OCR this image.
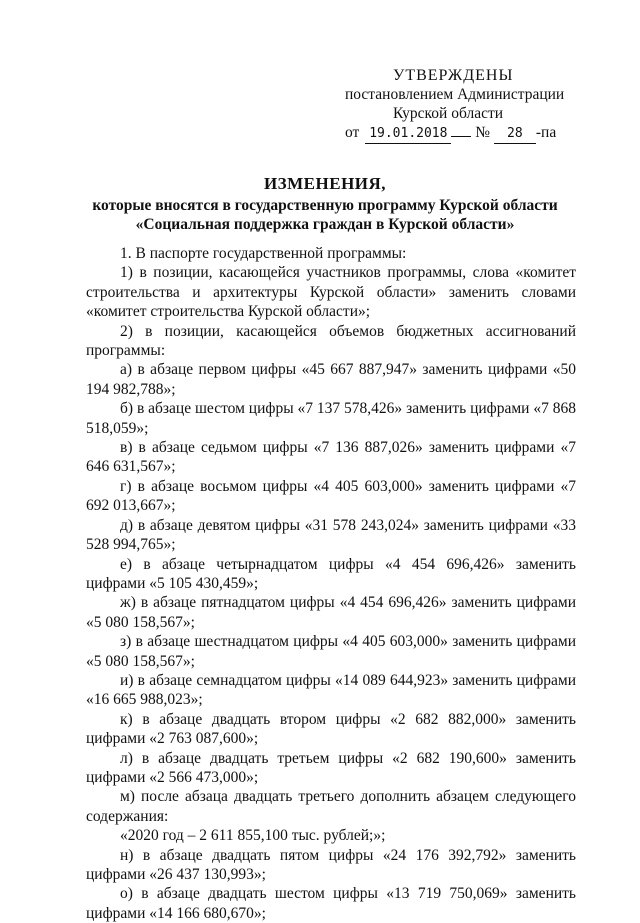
УТВЕРЖДЕНЫ
постановлением Администрации
Курской области
от 19.01.2018 № 28 -па
ИЗМЕНЕНИЯ,
которые вносятся в государственную программу Курской области
«Социальная поддержка граждан в Курской области»

1. В паспорте государственной программы:

1) в позиции, касающейся участников программы, слова «комитет строительства и архитектуры Курской области» заменить словами «комитет строительства Курской области»;

2) в позиции, касающейся объемов бюджетных ассигнований программы:

а) в абзаце первом цифры «45 667 887,947» заменить цифрами «50 194 982,788»;

б) в абзаце шестом цифры «7 137 578,426» заменить цифрами «7 868 518,059»;

в) в абзаце седьмом цифры «7 136 887,026» заменить цифрами «7 646 631,567»;

г) в абзаце восьмом цифры «4 405 603,000» заменить цифрами «7 692 013,667»;

д) в абзаце девятом цифры «31 578 243,024» заменить цифрами «33 528 994,765»;

е) в абзаце четырнадцатом цифры «4 454 696,426» заменить цифрами «5 105 430,459»;

ж) в абзаце пятнадцатом цифры «4 454 696,426» заменить цифрами «5 080 158,567»;

з) в абзаце шестнадцатом цифры «4 405 603,000» заменить цифрами «5 080 158,567»;

и) в абзаце семнадцатом цифры «14 089 644,923» заменить цифрами «16 665 988,023»;

к) в абзаце двадцать втором цифры «2 682 882,000» заменить цифрами «2 763 087,600»;

л) в абзаце двадцать третьем цифры «2 682 190,600» заменить цифрами «2 566 473,000»;

м) после абзаца двадцать третьего дополнить абзацем следующего содержания:

«2020 год – 2 611 855,100 тыс. рублей;»;

н) в абзаце двадцать пятом цифры «24 176 392,792» заменить цифрами «26 437 130,993»;

о) в абзаце двадцать шестом цифры «13 719 750,069» заменить цифрами «14 166 680,670»;
